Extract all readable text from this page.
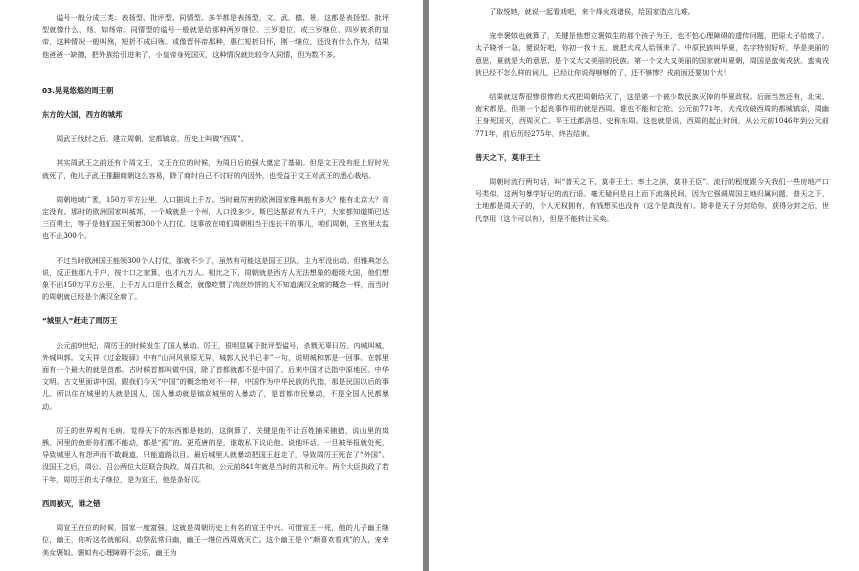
谥号一般分成三类：表扬型、批评型、同情型。多半都是表扬型，文、武、德、景，这都是表扬型。批评型就像什么，炀，如炀帝。同情型的谥号一般就是给那种两岁继位、三岁退位，或三岁继位、四岁被杀的皇帝，这种情况一般叫殇，短折不成曰殇。或像晋怀帝那种，惠仁短折曰怀，刚一继位，还没有什么作为，结果他爸爸一缺德，把外族给引进来了，小皇帝身死国灭，这种情况就比较令人同情，但为数不多。

03.晃晃悠悠的周王朝
东方的大国，西方的城邦

周武王伐纣之后，建立周朝，定都镐京，历史上叫做“西周”。

其实周武王之前还有个周文王，文王在位的时候，为周日后的强大奠定了基础。但是文王没有赶上好时光就死了，他儿子武王推翻商朝这么容易，除了商纣自己不讨好的内因外，也受益于文王对武王的悉心栽培。

周朝地域广袤，150万平方公里，人口据说上千万。当时最厉害的欧洲国家雅典能有多大？能有北京大？肯定没有。那时的欧洲国家叫城邦，一个城就是一个州，人口没多少。斯巴达据说有九千户，大家都知道斯巴达三百勇士，等于是他们国王领着300个人打仗。这事放在咱们周朝相当于连长干的事儿，咱们周朝，王宫里太监也不止300个。

不过当时欧洲国王能领300个人打仗，那就不少了，虽然有可能这是国王卫队，主力军没出动。但雅典怎么说，反正他那九千户，按十口之家算，也才九万人。相比之下，周朝就是西方人无法想象的超级大国，他们想象不出150万平方公里，上千万人口是什么概念，就像吃惯了肉丝炒饼的人不知道满汉全席的概念一样，而当时的周朝就已经是个满汉全席了。

“城里人”赶走了周厉王

公元前9世纪，周厉王的时候发生了国人暴动。厉王，很明显属于批评型谥号，杀戮无辜曰厉。内城叫城，外城叫郭。文天祥《过金陵驿》中有“山河风景原无异，城郭人民半已非”一句，说明城和郭是一回事。在郭里面有一个最大的就是首都。古时候首都叫做中国，除了首都就都不是中国了。后来中国才泛指中原地区、中华文明。古文里面讲中国，跟我们今天“中国”的概念绝对不一样，中国作为中华民族的代指，那是民国以后的事儿。所以住在城里的人就是国人，国人暴动就是镐京城里的人暴动了，是首都市民暴动，不是全国人民都暴动。

厉王的世界观有毛病，觉得天下的东西都是他的，这倒算了，关键是他不让百姓捕采捕猎，说山里的岚熊、河里的鱼虾你们都不能动，都是“孤”的。更荒唐的是，谁敢私下议论他、说他坏话，一旦被举报就处死，导致城里人有怨声而不敢载道，只能道路以目。最后城里人就暴动把国王赶走了，导致周厉王死在了“外国”。没国王之后，周公、召公两位大臣联合执政，周召共和，公元前841年就是当时的共和元年。两个大臣执政了若干年，周厉王的太子继位，是为宣王，他是条好汉。

西周被灭，谁之错

周宣王在位的时候，国家一度富强，这就是周朝历史上有名的宣王中兴。可惜宣王一死，他的儿子幽王继位，幽王，你听这名就郁闷，动祭乱常曰幽，幽王一继位西周就灭亡。这个幽王是个“颇喜欢看戏”的人，宠幸美女褒姒。褒姒有心理障碍不会乐，幽王为

了取悦她，就说一起看戏吧，来个烽火戏诸侯，给国家造点儿难。

宠幸褒姒也就算了，关键是他想立褒姒生的那个孩子为王，也不怕心理障碍的遗传问题，把原太子给废了。太子晓爷一急，便说好吧，你初一我十五，就把犬戎人给领来了。中原民族叫华夏，名字特别好听，华是美丽的意思，夏就是大的意思，是个又大又美丽的民族。第一个又大又美丽的国家就叫夏朝，周国是蛮夷戎狄。蛮夷戎狄已经不怎么样的词儿，已经让你说得够够的了，还不够惨？戎前面还要加个犬！

结果就这帮很惨很惨的犬戎把周朝给灭了，这是第一个被少数民族灭掉的华夏政权。后面当然还有，北宋、南宋都是。但第一个起丧事作用的就是西周。谁也不能和它抢。公元前771年，犬戎攻破西周的都城镐京，周幽王身死国灭，西周灭亡。平王迁都洛邑，史称东周。这也就是说，西周的起止时间，从公元前1046年到公元前771年，前后历经275年，终告结束。

普天之下，莫非王土

周朝时流行两句话，叫“普天之下，莫非王土；率土之滨，莫非王臣”。流行的程度跟今天我们一些房地产口号类似，这两句暴学好记的流行语。毫无疑问是自上而下流落民间，因为它强调周国主地归属问题，普天之下，土地都是周天子的，个人无权拥有，有钱想买也没有（这个是真没有）。除非是天子分封给你，获得分封之后，世代享用（这个可以有），但是不能转让买卖。
